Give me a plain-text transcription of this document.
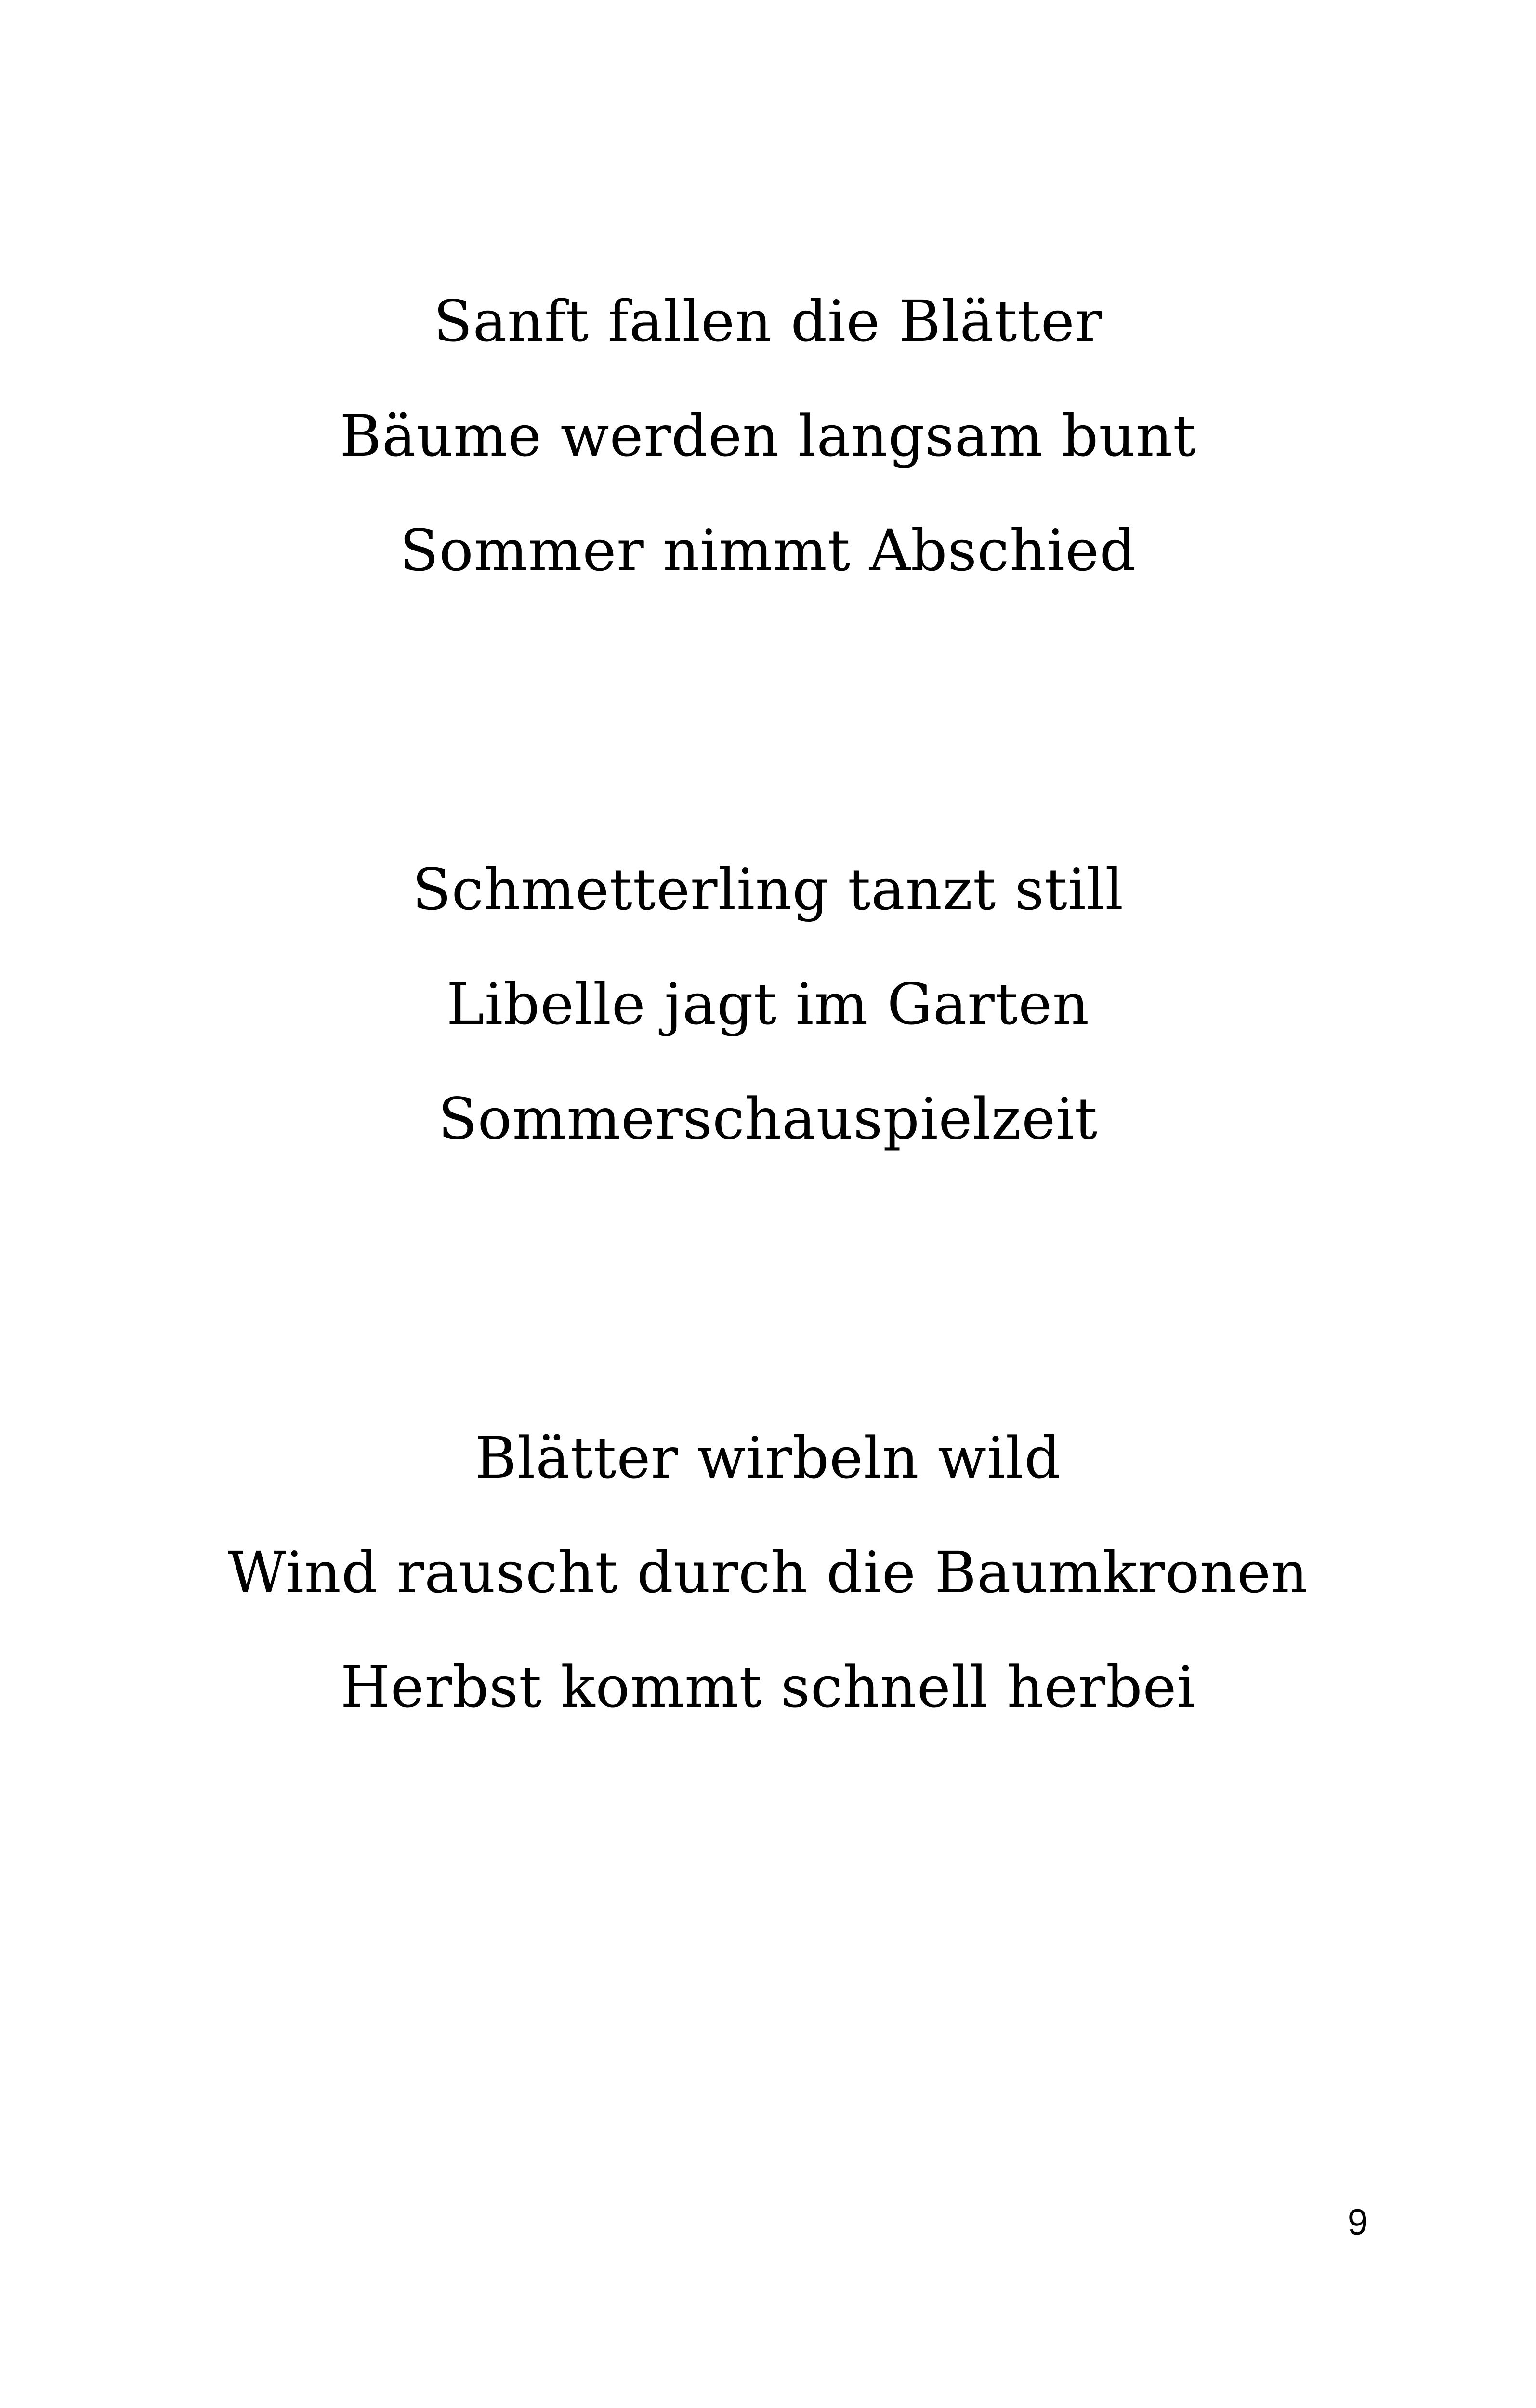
Sanft fallen die Blätter
Bäume werden langsam bunt
Sommer nimmt Abschied
Schmetterling tanzt still
Libelle jagt im Garten
Sommerschauspielzeit
Blätter wirbeln wild
Wind rauscht durch die Baumkronen
Herbst kommt schnell herbei
9
